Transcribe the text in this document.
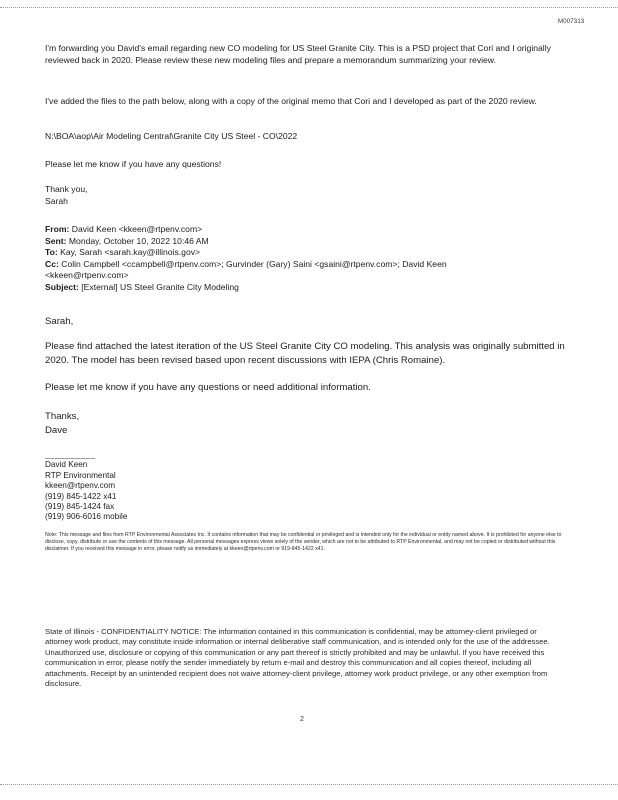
M007313

I'm forwarding you David's email regarding new CO modeling for US Steel Granite City. This is a PSD project that Cori and I originally reviewed back in 2020. Please review these new modeling files and prepare a memorandum summarizing your review.

I've added the files to the path below, along with a copy of the original memo that Cori and I developed as part of the 2020 review.

N:\BOA\aop\Air Modeling Central\Granite City US Steel - CO\2022

Please let me know if you have any questions!

Thank you,

Sarah

From: David Keen <kkeen@rtpenv.com>
Sent: Monday, October 10, 2022 10:46 AM
To: Kay, Sarah <sarah.kay@illinois.gov>
Cc: Colin Campbell <ccampbell@rtpenv.com>; Gurvinder (Gary) Saini <gsaini@rtpenv.com>; David Keen
<kkeen@rtpenv.com>
Subject: [External] US Steel Granite City Modeling

Sarah,

Please find attached the latest iteration of the US Steel Granite City CO modeling. This analysis was originally submitted in 2020. The model has been revised based upon recent discussions with IEPA (Chris Romaine).

Please let me know if you have any questions or need additional information.

Thanks,

Dave

__________
David Keen
RTP Environmental
kkeen@rtpenv.com
(919) 845-1422 x41
(919) 845-1424 fax
(919) 906-6016 mobile

Note: This message and files from RTP Environmental Associates Inc. It contains information that may be confidential or privileged and is intended only for the individual or entity named above. It is prohibited for anyone else to disclose, copy, distribute or use the contents of this message. All personal messages express views solely of the sender, which are not to be attributed to RTP Environmental, and may not be copied or distributed without this disclaimer. If you received this message in error, please notify us immediately at kkeen@rtpenv.com or 919-845-1422 x41.

State of Illinois - CONFIDENTIALITY NOTICE: The information contained in this communication is confidential, may be attorney-client privileged or attorney work product, may constitute inside information or internal deliberative staff communication, and is intended only for the use of the addressee. Unauthorized use, disclosure or copying of this communication or any part thereof is strictly prohibited and may be unlawful. If you have received this communication in error, please notify the sender immediately by return e-mail and destroy this communication and all copies thereof, including all attachments. Receipt by an unintended recipient does not waive attorney-client privilege, attorney work product privilege, or any other exemption from disclosure.

2
